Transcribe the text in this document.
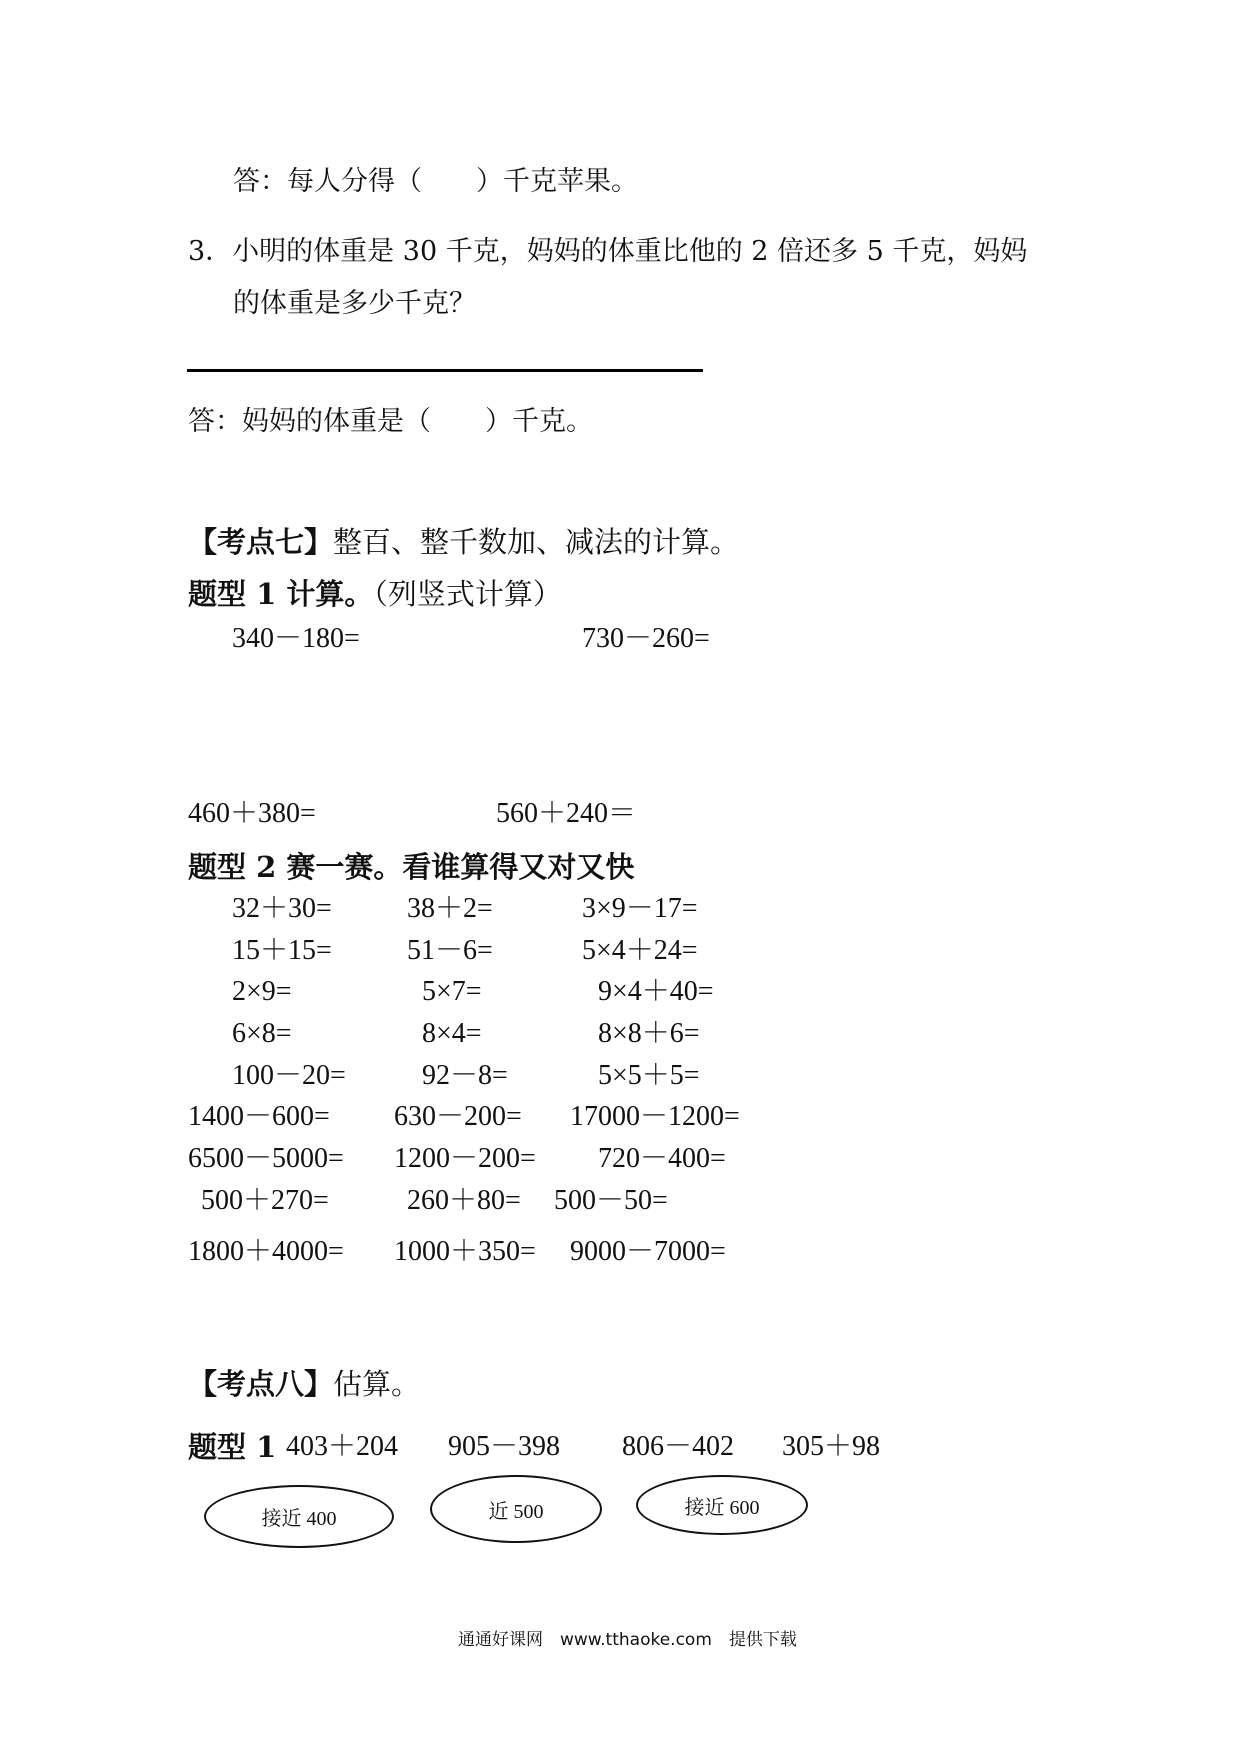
答：每人分得（　　）千克苹果。
3．小明的体重是 30 千克，妈妈的体重比他的 2 倍还多 5 千克，妈妈
的体重是多少千克？
答：妈妈的体重是（　　）千克。
【考点七】整百、整千数加、减法的计算。
题型 1 计算。（列竖式计算）
340－180=	730－260=
460＋380=	560＋240＝
题型 2 赛一赛。看谁算得又对又快
32＋30=	38＋2=	3×9－17=
15＋15=	51－6=	5×4＋24=
2×9=	5×7=	9×4＋40=
6×8=	8×4=	8×8＋6=
100－20=	92－8=	5×5＋5=
1400－600= 630－200= 17000－1200=
6500－5000= 1200－200= 720－400=
500＋270=	260＋80= 500－50=
1800＋4000= 1000＋350= 9000－7000=
【考点八】估算。
题型 1 403＋204 905－398 806－402 305＋98
接近 400	近 500	接近 600
通通好课网　www.tthaoke.com　提供下载
